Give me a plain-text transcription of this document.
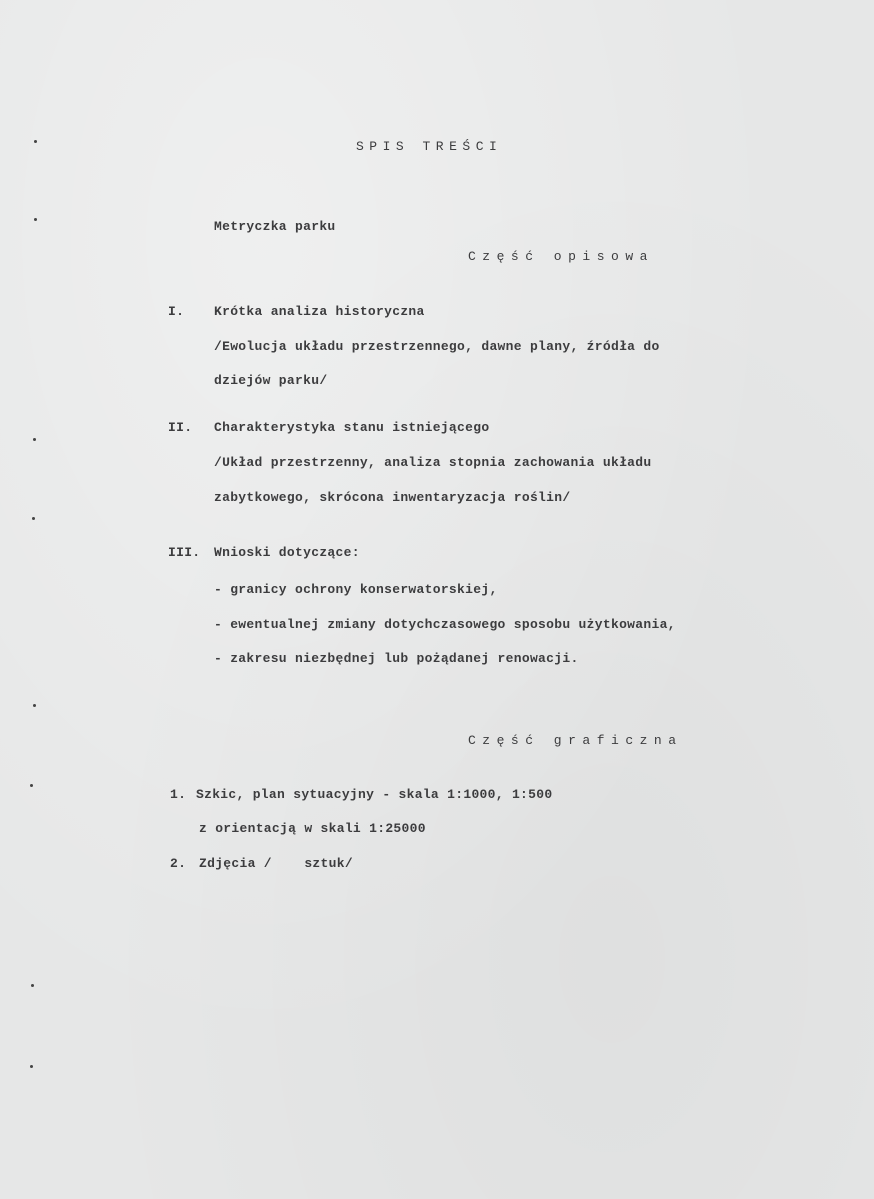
SPIS TREŚCI
Metryczka parku
Część opisowa
I. Krótka analiza historyczna
/Ewolucja układu przestrzennego, dawne plany, źródła do
dziejów parku/
II. Charakterystyka stanu istniejącego
/Układ przestrzenny, analiza stopnia zachowania układu
zabytkowego, skrócona inwentaryzacja roślin/
III. Wnioski dotyczące:
- granicy ochrony konserwatorskiej,
- ewentualnej zmiany dotychczasowego sposobu użytkowania,
- zakresu niezbędnej lub pożądanej renowacji.
Część graficzna
1. Szkic, plan sytuacyjny - skala 1:1000, 1:500
z orientacją w skali 1:25000
2. Zdjęcia /    sztuk/
